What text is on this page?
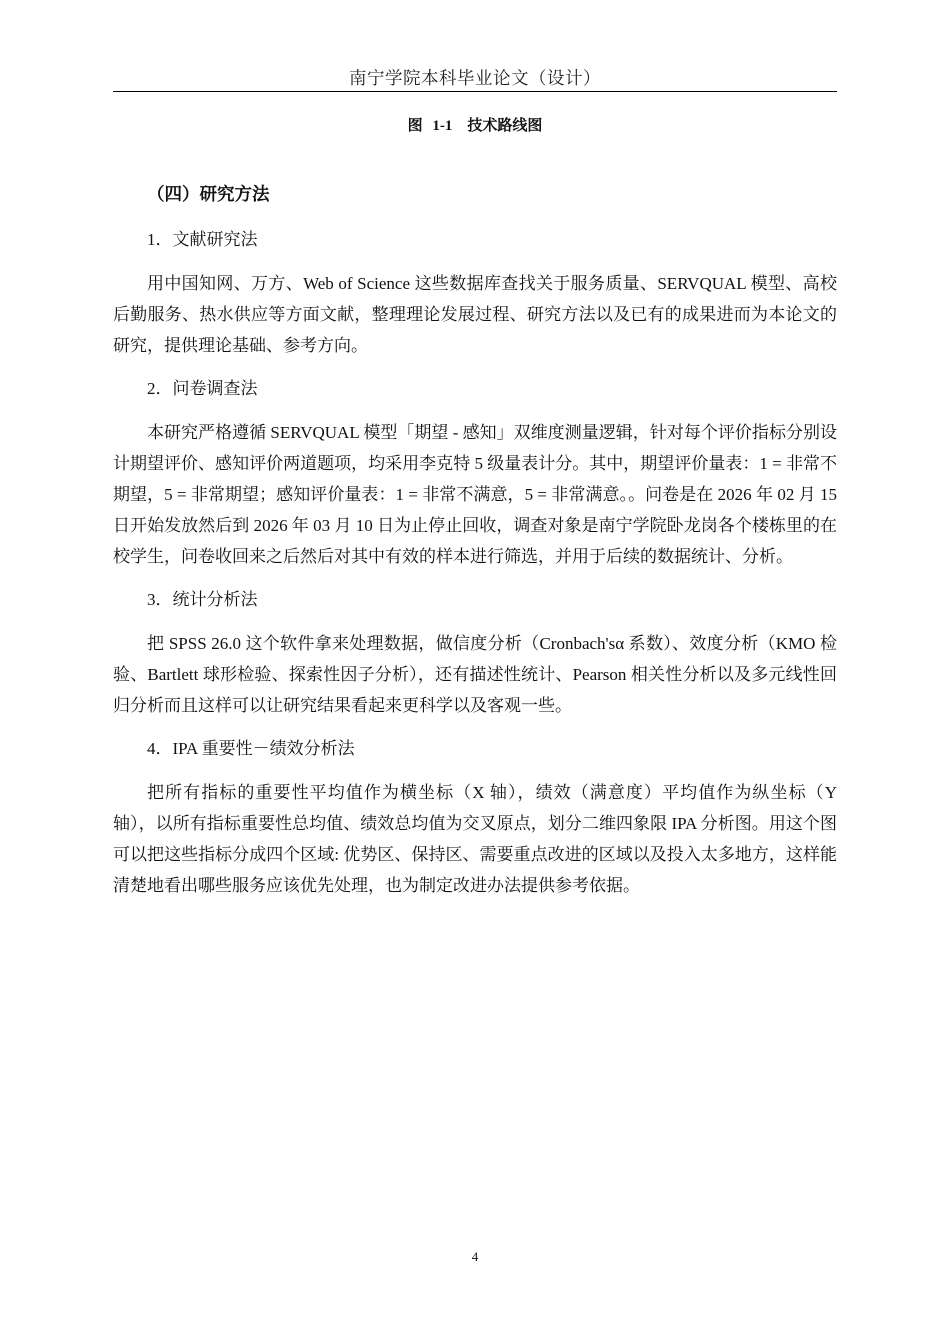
南宁学院本科毕业论文（设计）
图 1-1　技术路线图
（四）研究方法
1．文献研究法

用中国知网、万方、Web of Science 这些数据库查找关于服务质量、SERVQUAL 模型、高校后勤服务、热水供应等方面文献，整理理论发展过程、研究方法以及已有的成果进而为本论文的研究，提供理论基础、参考方向。

2．问卷调查法

本研究严格遵循 SERVQUAL 模型「期望 - 感知」双维度测量逻辑，针对每个评价指标分别设计期望评价、感知评价两道题项，均采用李克特 5 级量表计分。其中，期望评价量表：1 = 非常不期望，5 = 非常期望；感知评价量表：1 = 非常不满意，5 = 非常满意。。问卷是在 2026 年 02 月 15 日开始发放然后到 2026 年 03 月 10 日为止停止回收，调查对象是南宁学院卧龙岗各个楼栋里的在校学生，问卷收回来之后然后对其中有效的样本进行筛选，并用于后续的数据统计、分析。

3．统计分析法

把 SPSS 26.0 这个软件拿来处理数据，做信度分析（Cronbach'sα 系数）、效度分析（KMO 检验、Bartlett 球形检验、探索性因子分析），还有描述性统计、Pearson 相关性分析以及多元线性回归分析而且这样可以让研究结果看起来更科学以及客观一些。

4．IPA 重要性－绩效分析法

把所有指标的重要性平均值作为横坐标（X 轴），绩效（满意度）平均值作为纵坐标（Y 轴），以所有指标重要性总均值、绩效总均值为交叉原点，划分二维四象限 IPA 分析图。用这个图可以把这些指标分成四个区域: 优势区、保持区、需要重点改进的区域以及投入太多地方，这样能清楚地看出哪些服务应该优先处理，也为制定改进办法提供参考依据。

4
